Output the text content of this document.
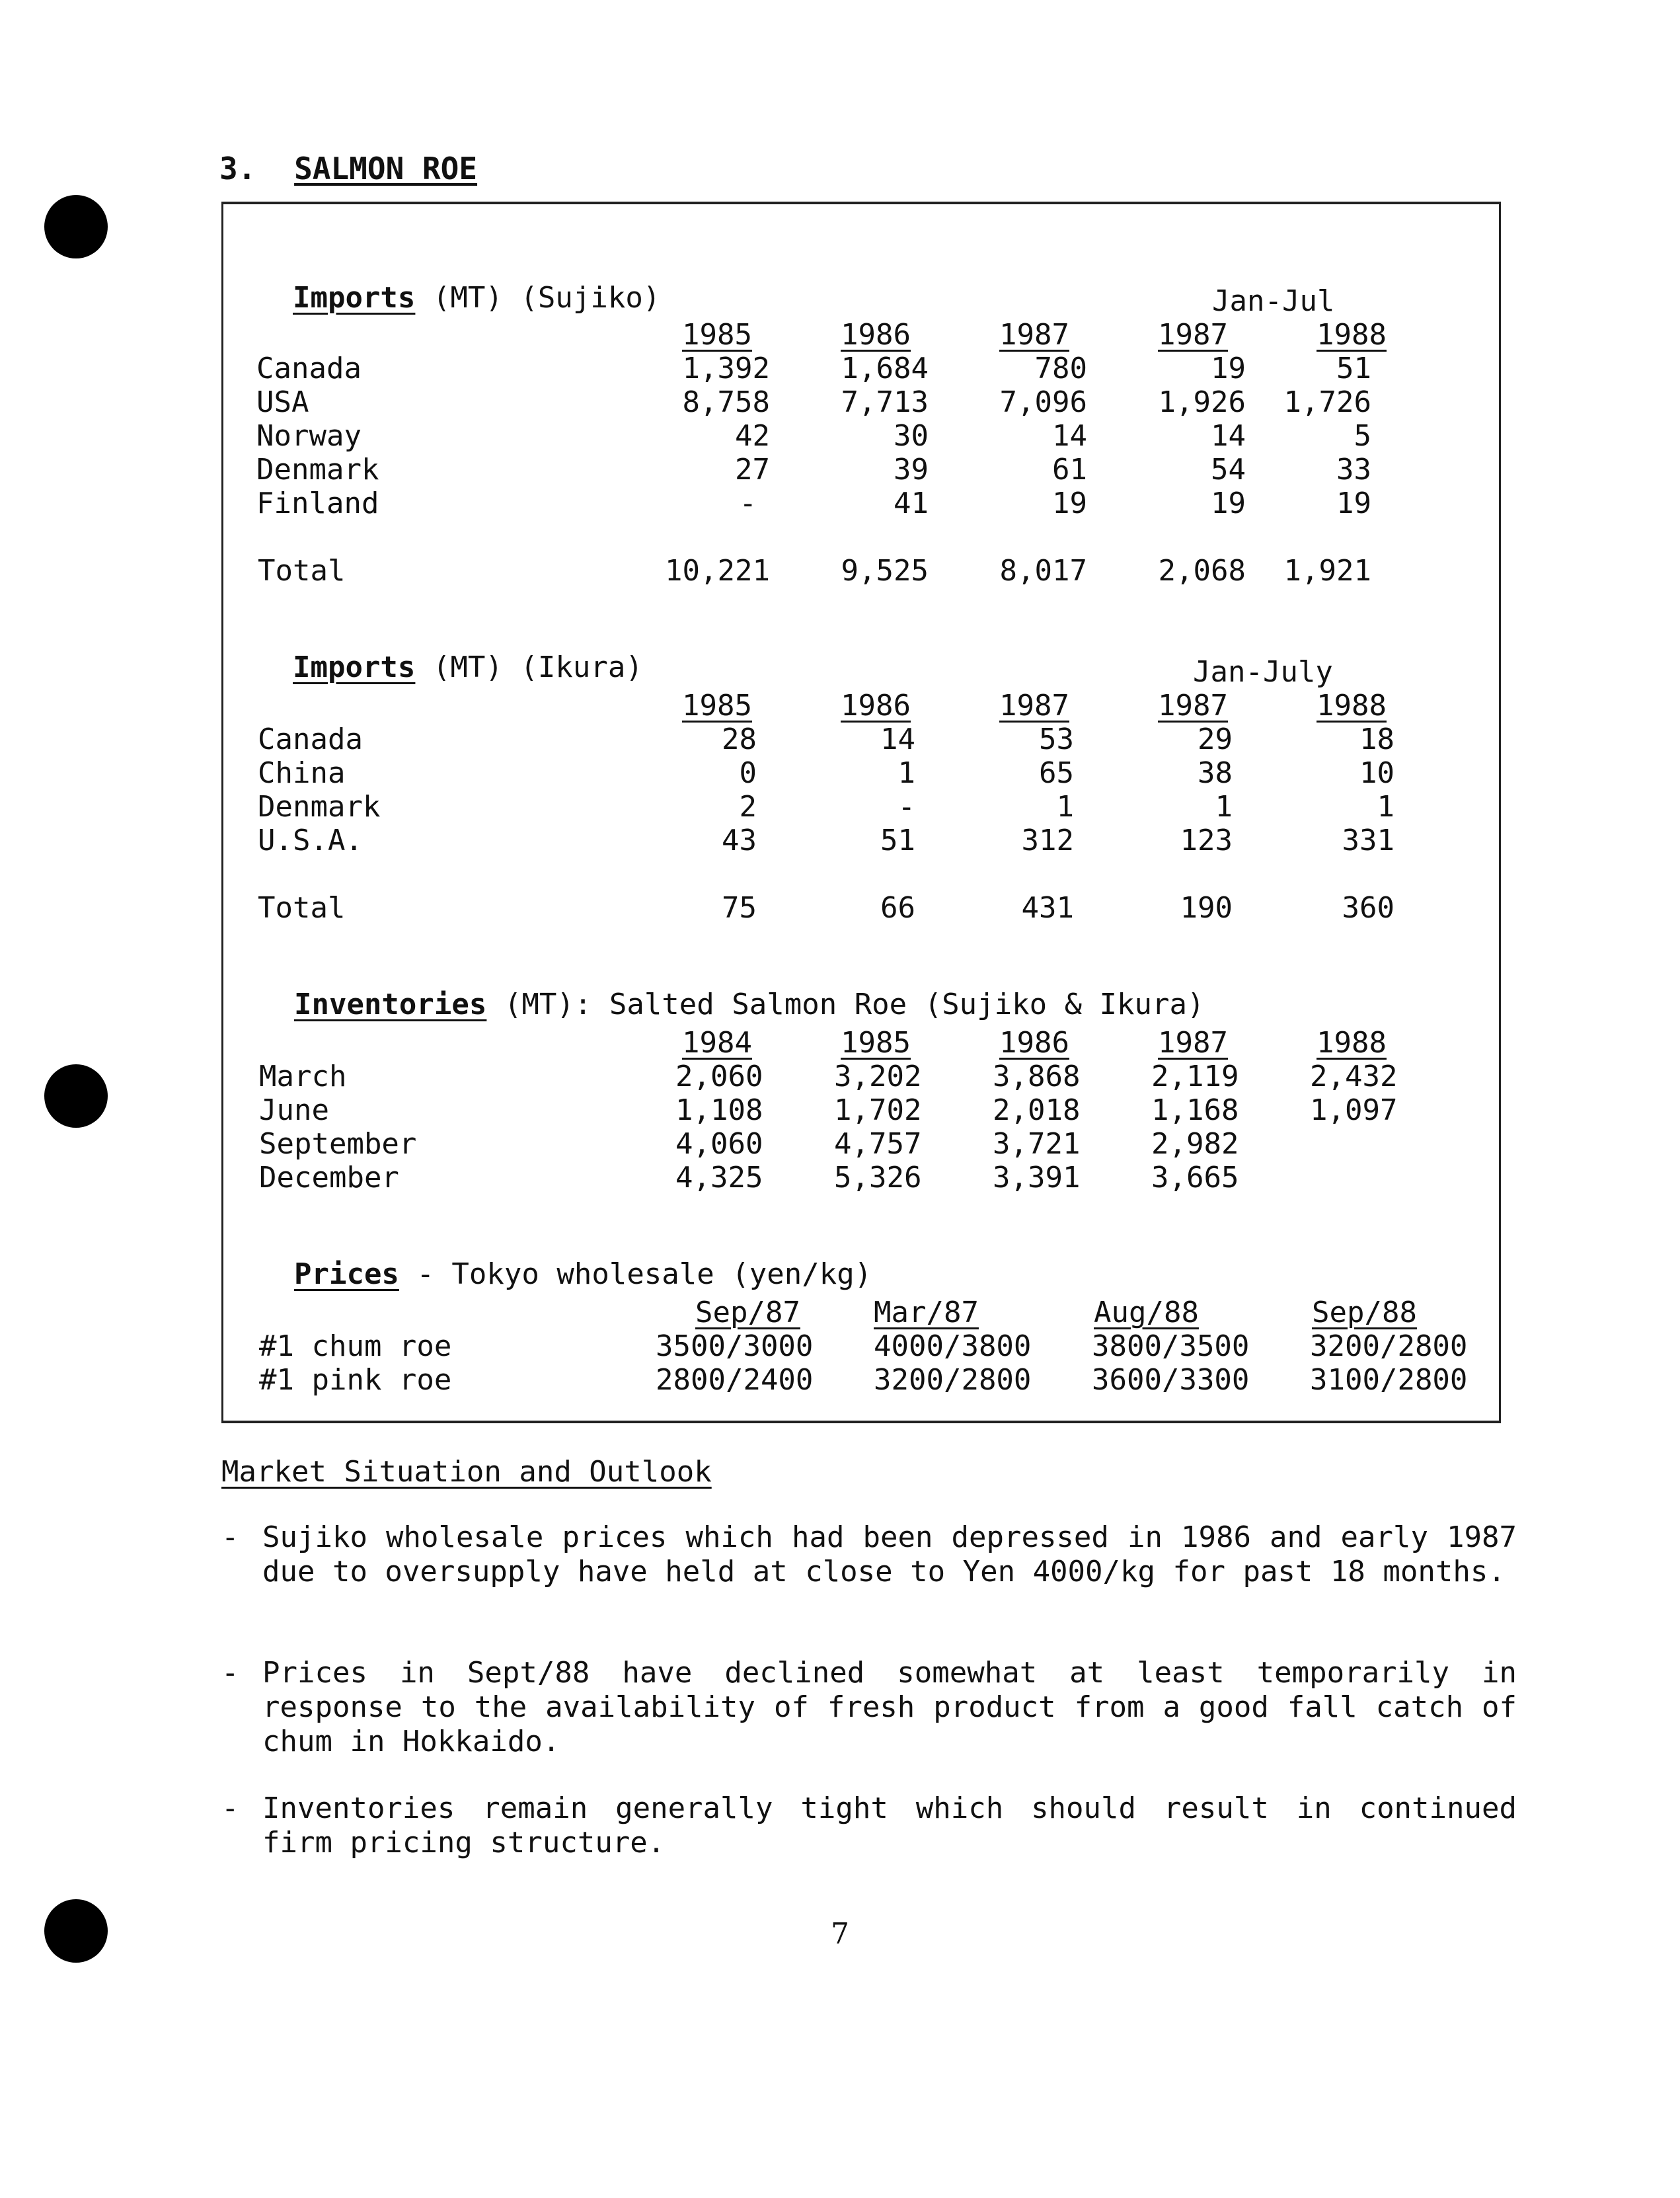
3. SALMON ROE

Imports (MT) (Sujiko)	Jan-Jul
1985	1986	1987	1987	1988
Canada	1,392	1,684	780	19	51
USA	8,758	7,713	7,096	1,926	1,726
Norway	42	30	14	14	5
Denmark	27	39	61	54	33
Finland	-	41	19	19	19
Total	10,221	9,525	8,017	2,068	1,921

Imports (MT) (Ikura)	Jan-July
1985	1986	1987	1987	1988
Canada	28	14	53	29	18
China	0	1	65	38	10
Denmark	2	-	1	1	1
U.S.A.	43	51	312	123	331
Total	75	66	431	190	360

Inventories (MT): Salted Salmon Roe (Sujiko & Ikura)

1984	1985	1986	1987	1988
March	2,060 3,202 3,868 2,119 2,432
June	1,108 1,702 2,018 1,168 1,097
September	4,060 4,757 3,721 2,982
December	4,325 5,326 3,391 3,665

Prices - Tokyo wholesale (yen/kg)

Sep/87	Mar/87	Aug/88	Sep/88
#1 chum roe	3500/3000 4000/3800 3800/3500 3200/2800
#1 pink roe	2800/2400 3200/2800 3600/3300 3100/2800
Market Situation and Outlook
- Sujiko wholesale prices which had been depressed in 1986 and early 1987 due to oversupply have held at close to Yen 4000/kg for past 18 months.
- Prices in Sept/88 have declined somewhat at least temporarily in response to the availability of fresh product from a good fall catch of chum in Hokkaido.
- Inventories remain generally tight which should result in continued firm pricing structure.
7
